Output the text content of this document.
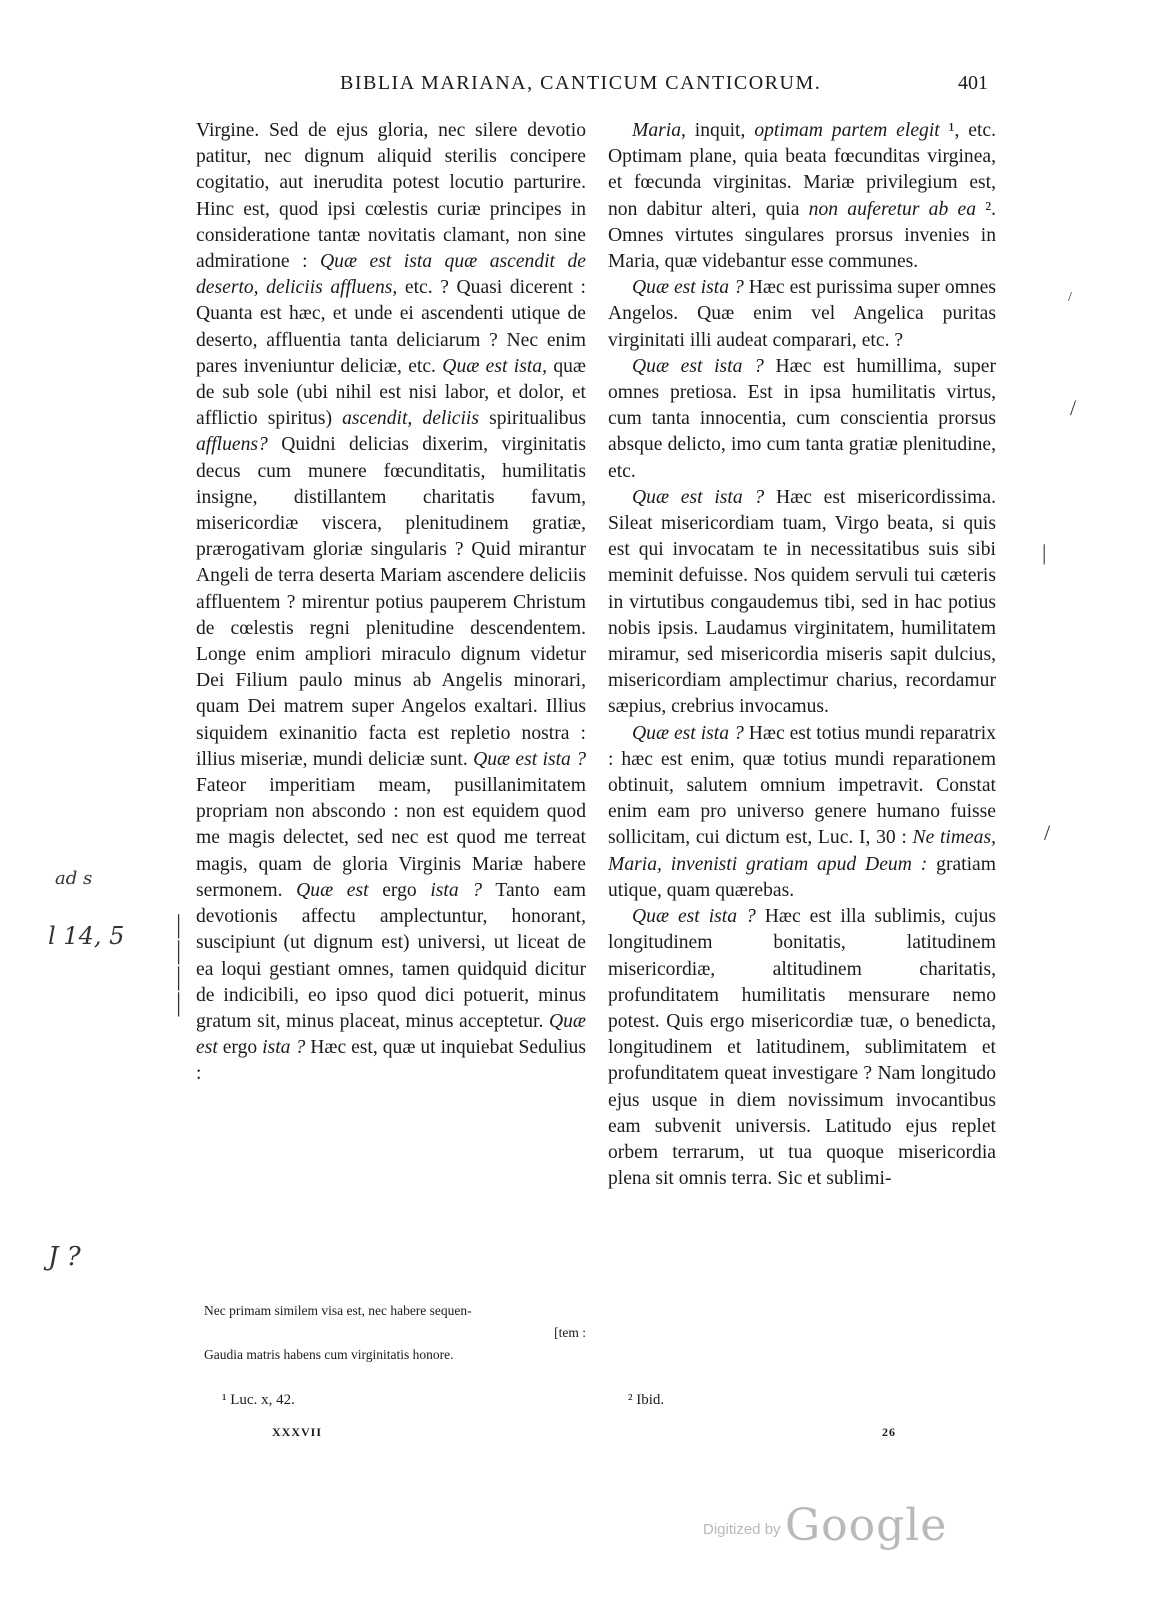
BIBLIA MARIANA, CANTICUM CANTICORUM.	401

Virgine. Sed de ejus gloria, nec silere devotio patitur, nec dignum aliquid sterilis concipere cogitatio, aut inerudita potest locutio parturire. Hinc est, quod ipsi cœlestis curiæ principes in consideratione tantæ novitatis clamant, non sine admiratione : Quæ est ista quæ ascendit de deserto, deliciis affluens, etc. ? Quasi dicerent : Quanta est hæc, et unde ei ascendenti utique de deserto, affluentia tanta deliciarum ? Nec enim pares inveniuntur deliciæ, etc. Quæ est ista, quæ de sub sole (ubi nihil est nisi labor, et dolor, et afflictio spiritus) ascendit, deliciis spiritualibus affluens? Quidni delicias dixerim, virginitatis decus cum munere fœcunditatis, humilitatis insigne, distillantem charitatis favum, misericordiæ viscera, plenitudinem gratiæ, prærogativam gloriæ singularis ? Quid mirantur Angeli de terra deserta Mariam ascendere deliciis affluentem ? mirentur potius pauperem Christum de cœlestis regni plenitudine descendentem. Longe enim ampliori miraculo dignum videtur Dei Filium paulo minus ab Angelis minorari, quam Dei matrem super Angelos exaltari. Illius siquidem exinanitio facta est repletio nostra : illius miseriæ, mundi deliciæ sunt. Quæ est ista ? Fateor imperitiam meam, pusillanimitatem propriam non abscondo : non est equidem quod me magis delectet, sed nec est quod me terreat magis, quam de gloria Virginis Mariæ habere sermonem. Quæ est ergo ista ? Tanto eam devotionis affectu amplectuntur, honorant, suscipiunt (ut dignum est) universi, ut liceat de ea loqui gestiant omnes, tamen quidquid dicitur de indicibili, eo ipso quod dici potuerit, minus gratum sit, minus placeat, minus acceptetur. Quæ est ergo ista ? Hæc est, quæ ut inquiebat Sedulius :

Maria, inquit, optimam partem elegit ¹, etc. Optimam plane, quia beata fœcunditas virginea, et fœcunda virginitas. Mariæ privilegium est, non dabitur alteri, quia non auferetur ab ea ². Omnes virtutes singulares prorsus invenies in Maria, quæ videbantur esse communes.

Quæ est ista ? Hæc est purissima super omnes Angelos. Quæ enim vel Angelica puritas virginitati illi audeat comparari, etc. ?

Quæ est ista ? Hæc est humillima, super omnes pretiosa. Est in ipsa humilitatis virtus, cum tanta innocentia, cum conscientia prorsus absque delicto, imo cum tanta gratiæ plenitudine, etc.

Quæ est ista ? Hæc est misericordissima. Sileat misericordiam tuam, Virgo beata, si quis est qui invocatam te in necessitatibus suis sibi meminit defuisse. Nos quidem servuli tui cæteris in virtutibus congaudemus tibi, sed in hac potius nobis ipsis. Laudamus virginitatem, humilitatem miramur, sed misericordia miseris sapit dulcius, misericordiam amplectimur charius, recordamur sæpius, crebrius invocamus.

Quæ est ista ? Hæc est totius mundi reparatrix : hæc est enim, quæ totius mundi reparationem obtinuit, salutem omnium impetravit. Constat enim eam pro universo genere humano fuisse sollicitam, cui dictum est, Luc. I, 30 : Ne timeas, Maria, invenisti gratiam apud Deum : gratiam utique, quam quærebas.

Quæ est ista ? Hæc est illa sublimis, cujus longitudinem bonitatis, latitudinem misericordiæ, altitudinem charitatis, profunditatem humilitatis mensurare nemo potest. Quis ergo misericordiæ tuæ, o benedicta, longitudinem et latitudinem, sublimitatem et profunditatem queat investigare ? Nam longitudo ejus usque in diem novissimum invocantibus eam subvenit universis. Latitudo ejus replet orbem terrarum, ut tua quoque misericordia plena sit omnis terra. Sic et sublimi-

Nec primam similem visa est, nec habere sequen-
[tem :
Gaudia matris habens cum virginitatis honore.
¹ Luc. x, 42.	² Ibid.
XXXVII	26
ad s
l 14, 5
J ?
/
/
|
/
|
|
|
|
Digitized by Google
